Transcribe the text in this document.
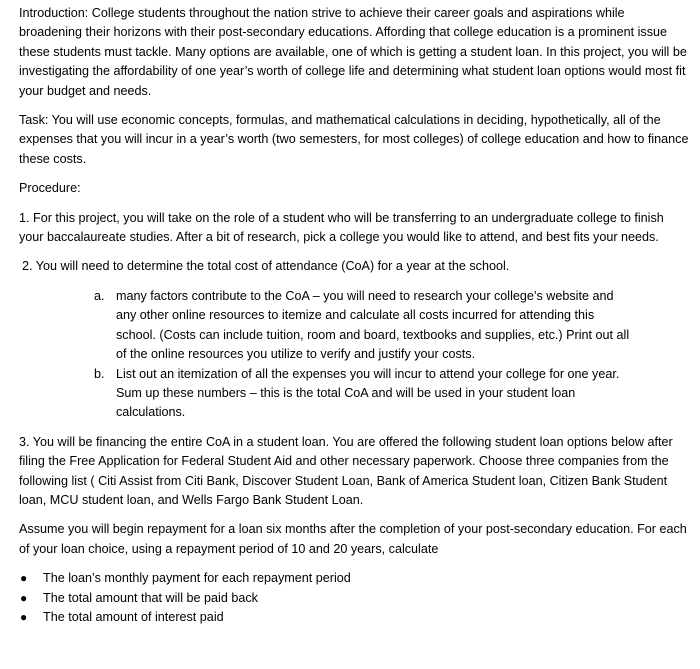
Introduction: College students throughout the nation strive to achieve their career goals and aspirations while broadening their horizons with their post-secondary educations. Affording that college education is a prominent issue these students must tackle. Many options are available, one of which is getting a student loan. In this project, you will be investigating the affordability of one year’s worth of college life and determining what student loan options would most fit your budget and needs.

Task: You will use economic concepts, formulas, and mathematical calculations in deciding, hypothetically, all of the expenses that you will incur in a year’s worth (two semesters, for most colleges) of college education and how to finance these costs.

Procedure:

1. For this project, you will take on the role of a student who will be transferring to an undergraduate college to finish your baccalaureate studies. After a bit of research, pick a college you would like to attend, and best fits your needs.

2. You will need to determine the total cost of attendance (CoA) for a year at the school.

a. many factors contribute to the CoA – you will need to research your college’s website and any other online resources to itemize and calculate all costs incurred for attending this school. (Costs can include tuition, room and board, textbooks and supplies, etc.) Print out all of the online resources you utilize to verify and justify your costs.
b. List out an itemization of all the expenses you will incur to attend your college for one year. Sum up these numbers – this is the total CoA and will be used in your student loan calculations.

3. You will be financing the entire CoA in a student loan. You are offered the following student loan options below after filing the Free Application for Federal Student Aid and other necessary paperwork. Choose three companies from the following list ( Citi Assist from Citi Bank, Discover Student Loan, Bank of America Student loan, Citizen Bank Student loan, MCU student loan, and Wells Fargo Bank Student Loan.

Assume you will begin repayment for a loan six months after the completion of your post-secondary education. For each of your loan choice, using a repayment period of 10 and 20 years, calculate

● The loan’s monthly payment for each repayment period
● The total amount that will be paid back
● The total amount of interest paid
